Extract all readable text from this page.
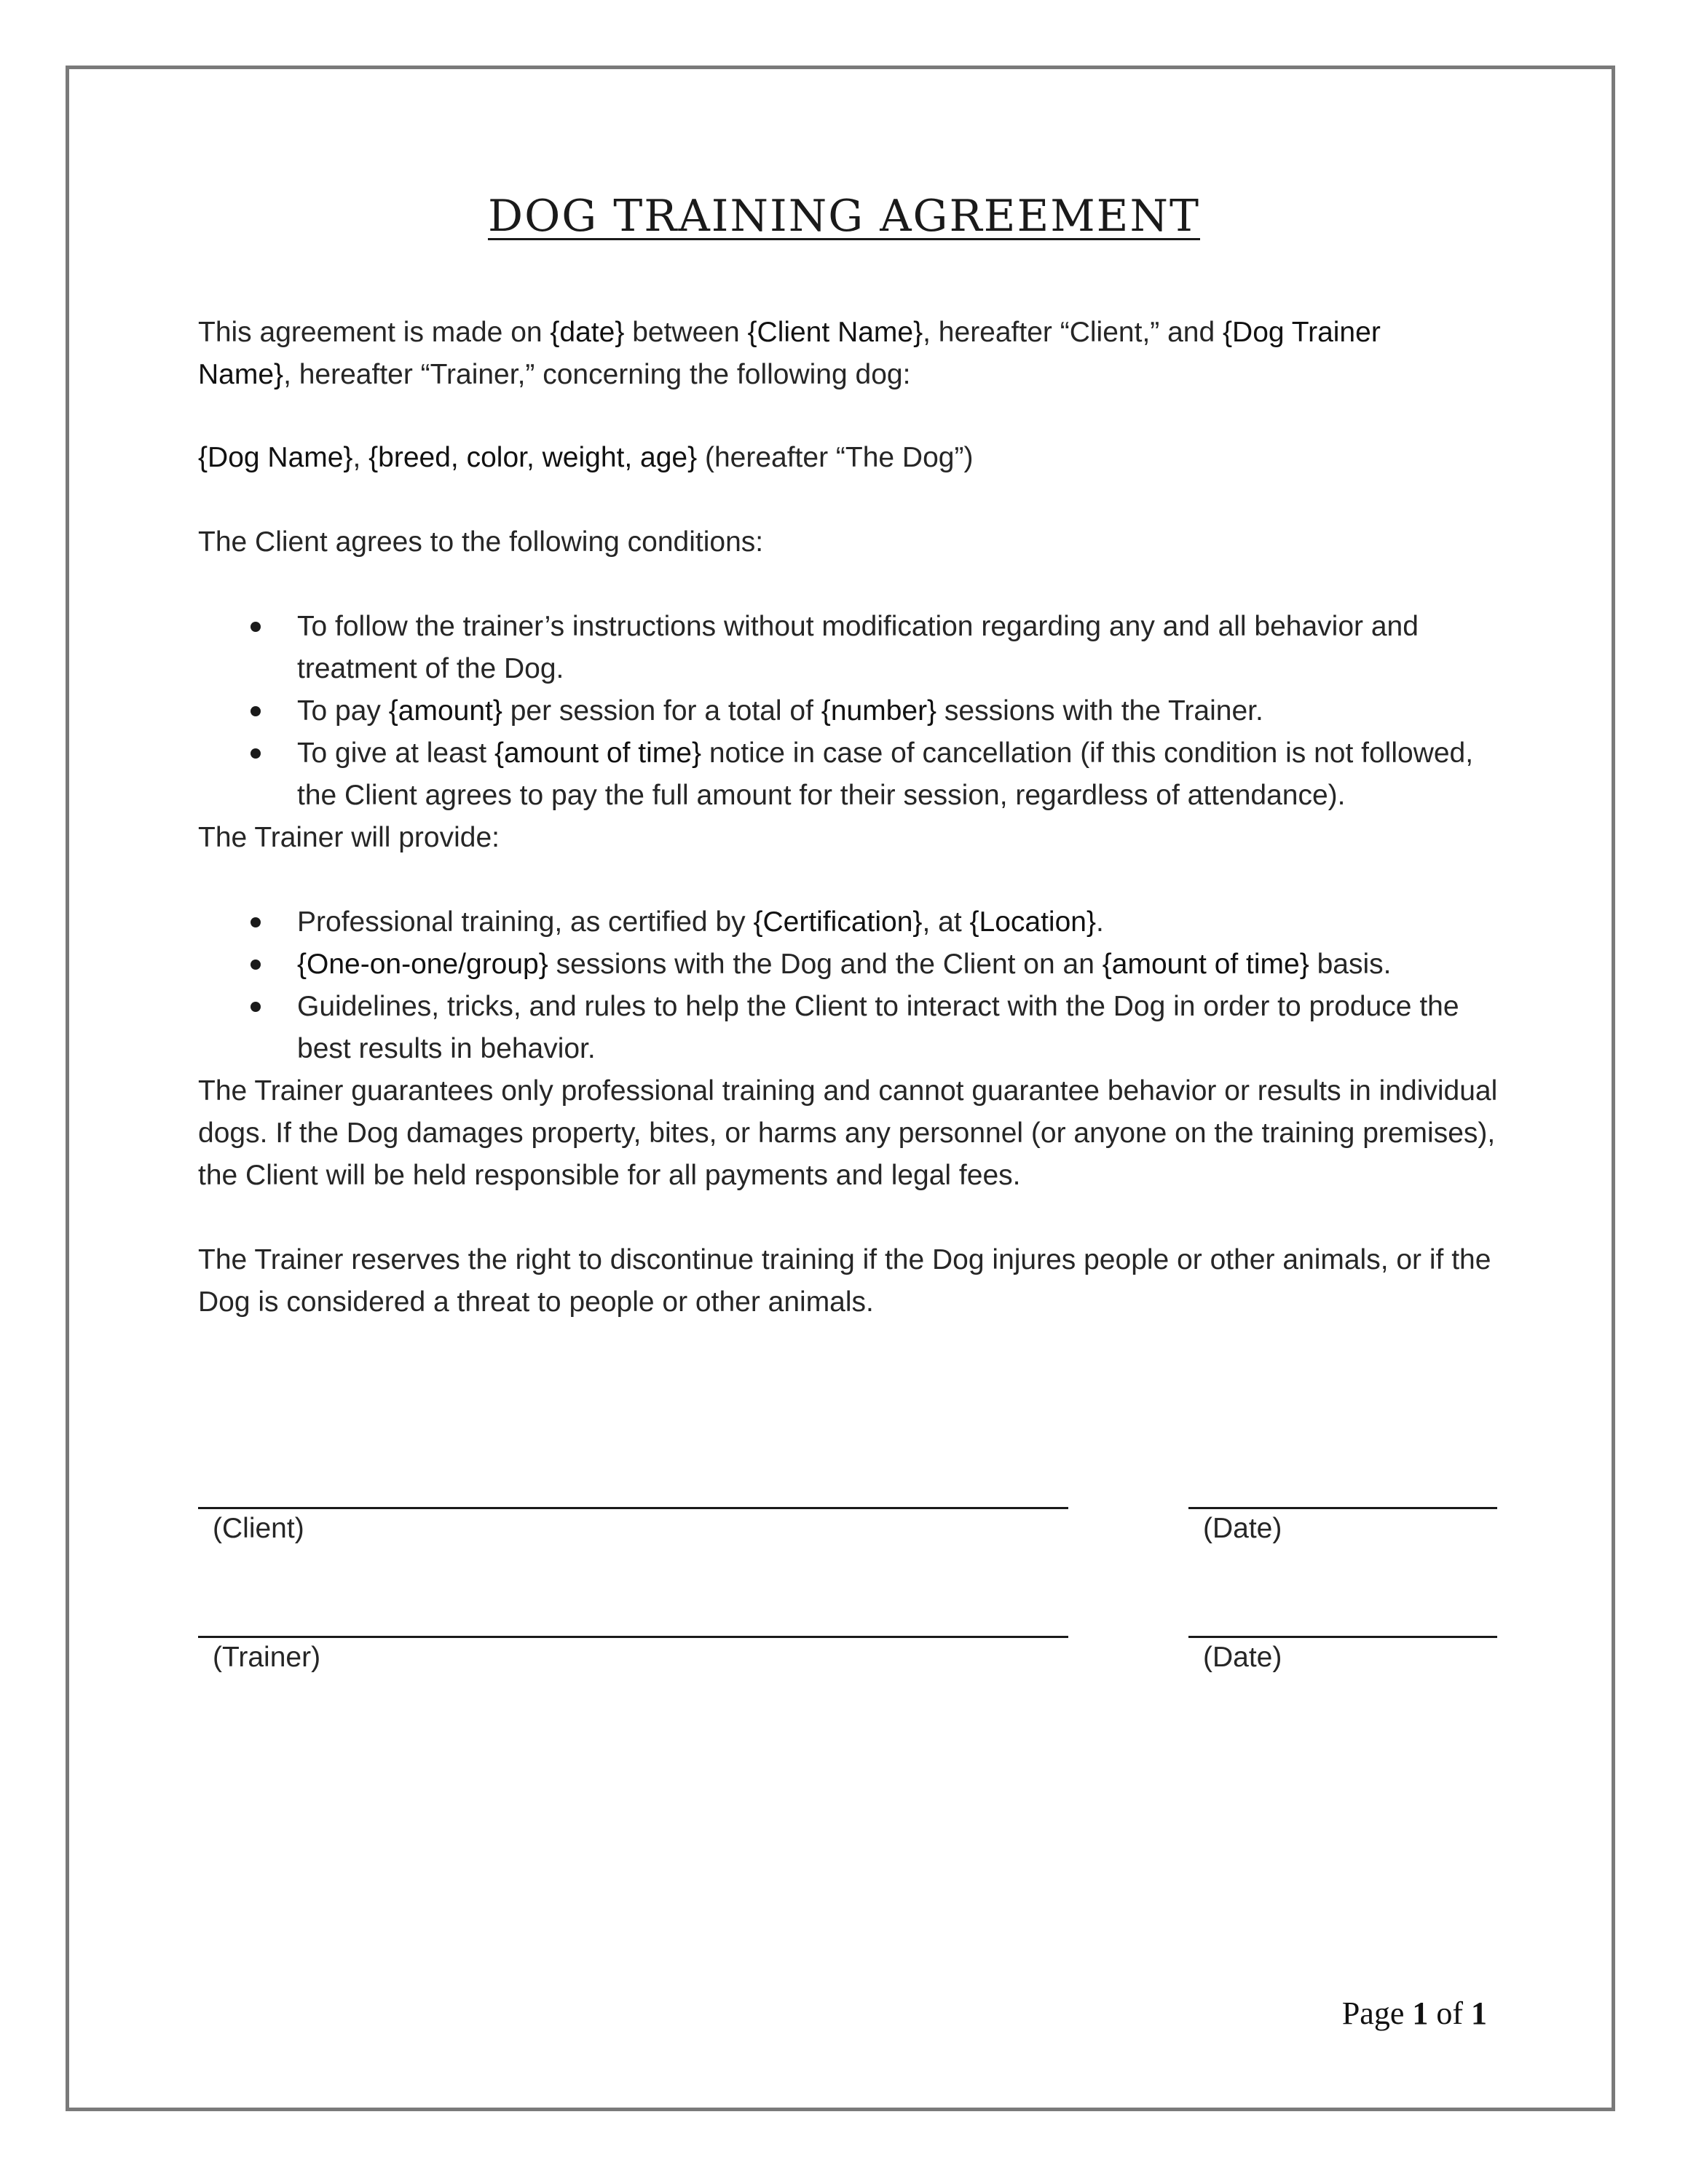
DOG TRAINING AGREEMENT

This agreement is made on {date} between {Client Name}, hereafter “Client,” and {Dog Trainer
Name}, hereafter “Trainer,” concerning the following dog:

{Dog Name}, {breed, color, weight, age} (hereafter “The Dog”)

The Client agrees to the following conditions:

To follow the trainer’s instructions without modification regarding any and all behavior and treatment of the Dog.
To pay {amount} per session for a total of {number} sessions with the Trainer.
To give at least {amount of time} notice in case of cancellation (if this condition is not followed, the Client agrees to pay the full amount for their session, regardless of attendance).

The Trainer will provide:

Professional training, as certified by {Certification}, at {Location}.
{One-on-one/group} sessions with the Dog and the Client on an {amount of time} basis.
Guidelines, tricks, and rules to help the Client to interact with the Dog in order to produce the best results in behavior.

The Trainer guarantees only professional training and cannot guarantee behavior or results in individual dogs. If the Dog damages property, bites, or harms any personnel (or anyone on the training premises), the Client will be held responsible for all payments and legal fees.

The Trainer reserves the right to discontinue training if the Dog injures people or other animals, or if the Dog is considered a threat to people or other animals.

(Client)	(Date)
(Trainer)	(Date)
Page 1 of 1
